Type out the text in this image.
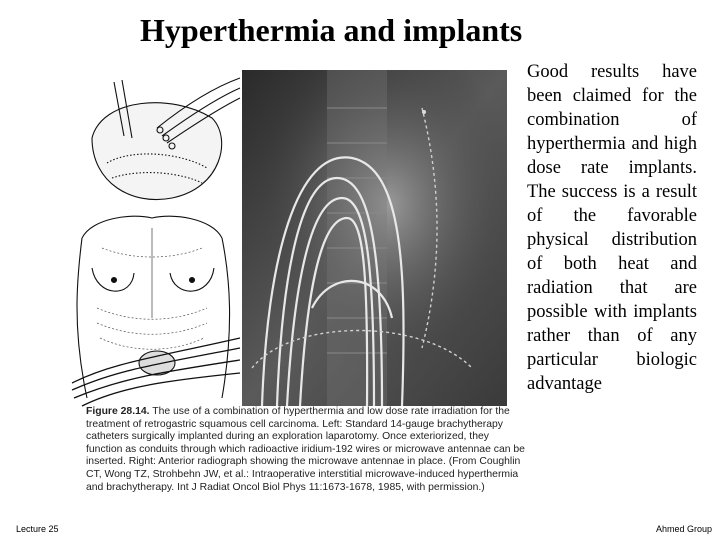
Hyperthermia and implants
Figure 28.14. The use of a combination of hyperthermia and low dose rate irradiation for the treatment of retrogastric squamous cell carcinoma. Left: Standard 14-gauge brachytherapy catheters surgically implanted during an exploration laparotomy. Once exteriorized, they function as conduits through which radioactive iridium-192 wires or microwave antennae can be inserted. Right: Anterior radiograph showing the microwave antennae in place. (From Coughlin CT, Wong TZ, Strohbehn JW, et al.: Intraoperative interstitial microwave-induced hyperthermia and brachytherapy. Int J Radiat Oncol Biol Phys 11:1673-1678, 1985, with permission.)
Good results have been claimed for the combination of hyperthermia and high dose rate implants. The success is a result of the favorable physical distribution of both heat and radiation that are possible with implants rather than of any particular biologic advantage
Lecture 25	Ahmed Group
